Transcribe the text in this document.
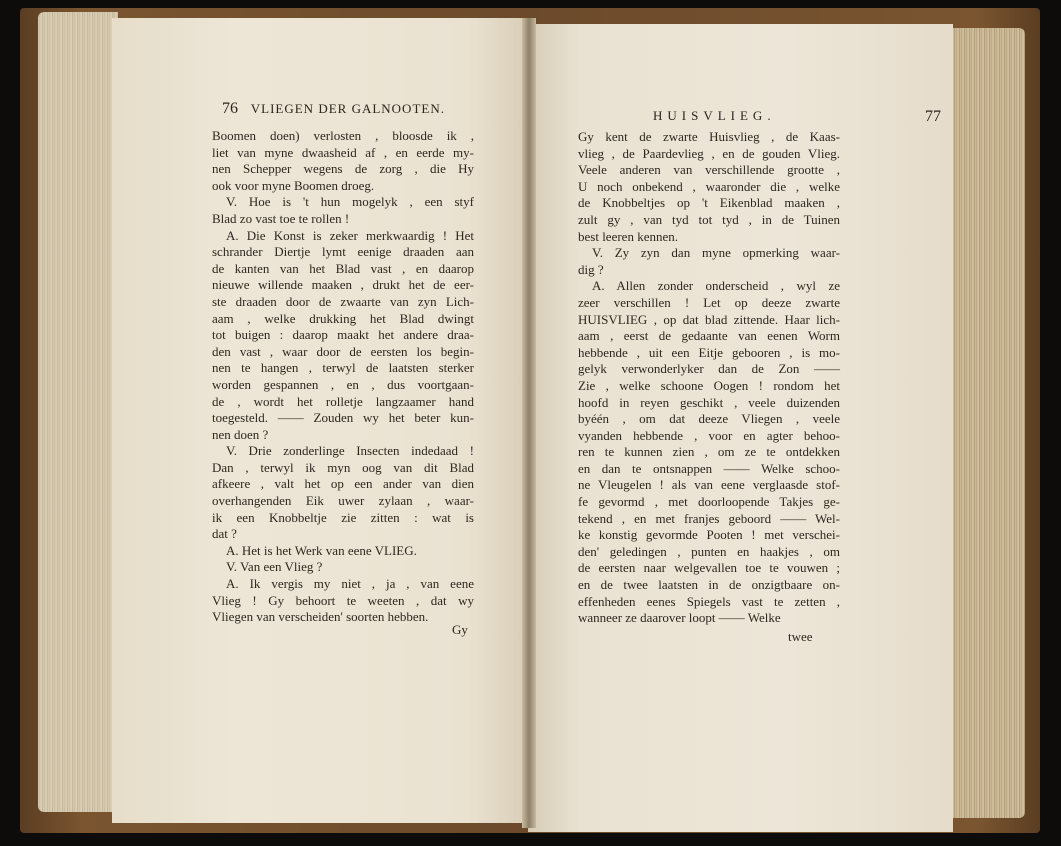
76 VLIEGEN DER GALNOOTEN.
Boomen doen) verlosten , bloosde ik ,
liet van myne dwaasheid af , en eerde my-
nen Schepper wegens de zorg , die Hy
ook voor myne Boomen droeg.
V. Hoe is 't hun mogelyk , een styf
Blad zo vast toe te rollen !
A. Die Konst is zeker merkwaardig ! Het
schrander Diertje lymt eenige draaden aan
de kanten van het Blad vast , en daarop
nieuwe willende maaken , drukt het de eer-
ste draaden door de zwaarte van zyn Lich-
aam , welke drukking het Blad dwingt
tot buigen : daarop maakt het andere draa-
den vast , waar door de eersten los begin-
nen te hangen , terwyl de laatsten sterker
worden gespannen , en , dus voortgaan-
de , wordt het rolletje langzaamer hand
toegesteld. —— Zouden wy het beter kun-
nen doen ?
V. Drie zonderlinge Insecten indedaad !
Dan , terwyl ik myn oog van dit Blad
afkeere , valt het op een ander van dien
overhangenden Eik uwer zylaan , waar-
ik een Knobbeltje zie zitten : wat is
dat ?
A. Het is het Werk van eene VLIEG.
V. Van een Vlieg ?
A. Ik vergis my niet , ja , van eene
Vlieg ! Gy behoort te weeten , dat wy
Vliegen van verscheiden' soorten hebben.
Gy
HUISVLIEG.	77
Gy kent de zwarte Huisvlieg , de Kaas-
vlieg , de Paardevlieg , en de gouden Vlieg.
Veele anderen van verschillende grootte ,
U noch onbekend , waaronder die , welke
de Knobbeltjes op 't Eikenblad maaken ,
zult gy , van tyd tot tyd , in de Tuinen
best leeren kennen.
V. Zy zyn dan myne opmerking waar-
dig ?
A. Allen zonder onderscheid , wyl ze
zeer verschillen ! Let op deeze zwarte
HUISVLIEG , op dat blad zittende. Haar lich-
aam , eerst de gedaante van eenen Worm
hebbende , uit een Eitje gebooren , is mo-
gelyk verwonderlyker dan de Zon ——
Zie , welke schoone Oogen ! rondom het
hoofd in reyen geschikt , veele duizenden
byéén , om dat deeze Vliegen , veele
vyanden hebbende , voor en agter behoo-
ren te kunnen zien , om ze te ontdekken
en dan te ontsnappen —— Welke schoo-
ne Vleugelen ! als van eene verglaasde stof-
fe gevormd , met doorloopende Takjes ge-
tekend , en met franjes geboord —— Wel-
ke konstig gevormde Pooten ! met verschei-
den' geledingen , punten en haakjes , om
de eersten naar welgevallen toe te vouwen ;
en de twee laatsten in de onzigtbaare on-
effenheden eenes Spiegels vast te zetten ,
wanneer ze daarover loopt —— Welke
twee
